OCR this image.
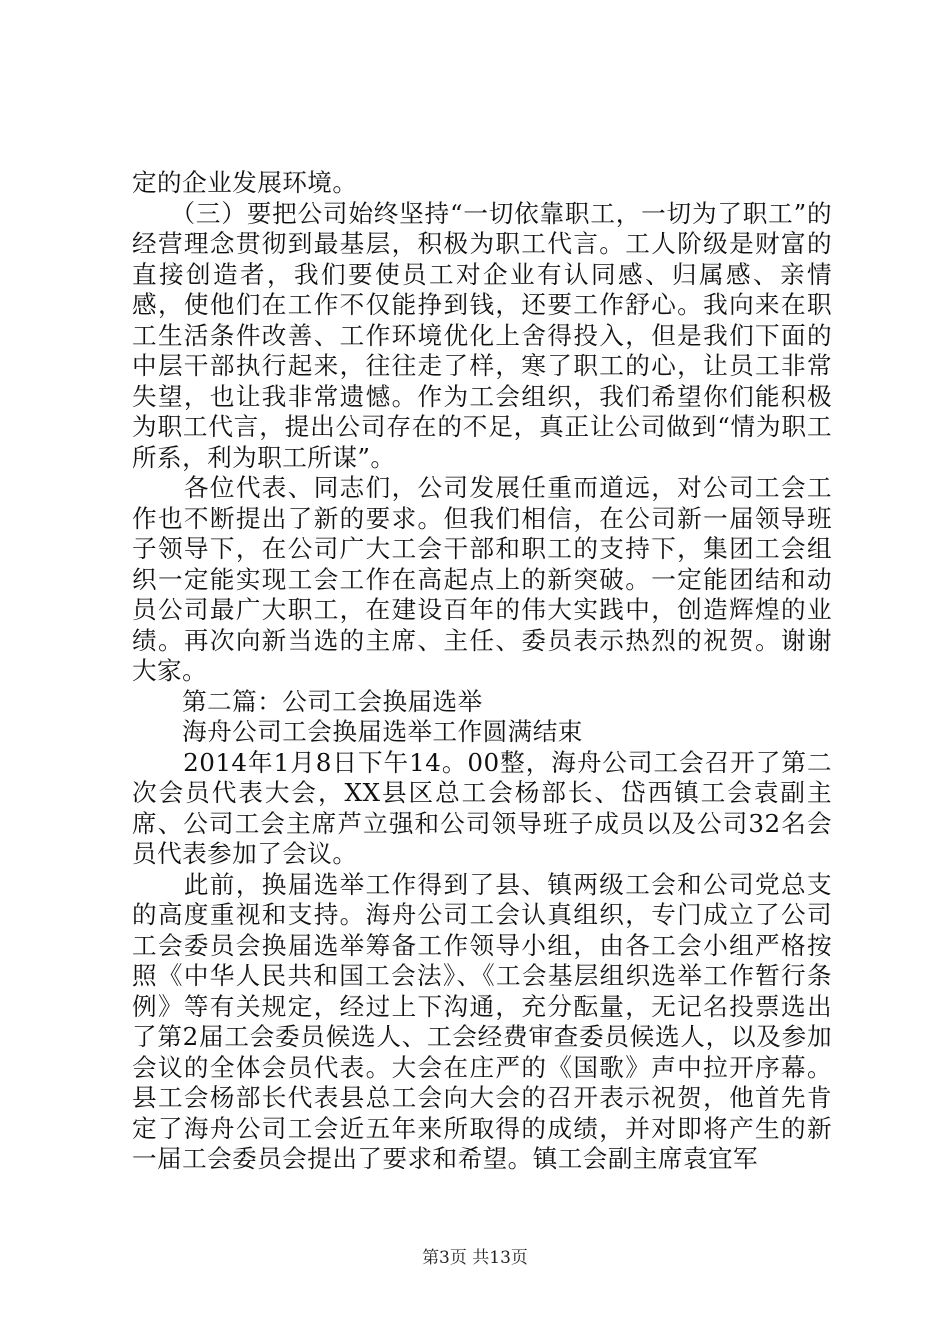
定的企业发展环境。

　　（三）要把公司始终坚持“一切依靠职工，一切为了职工”的经营理念贯彻到最基层，积极为职工代言。工人阶级是财富的直接创造者，我们要使员工对企业有认同感、归属感、亲情感，使他们在工作不仅能挣到钱，还要工作舒心。我向来在职工生活条件改善、工作环境优化上舍得投入，但是我们下面的中层干部执行起来，往往走了样，寒了职工的心，让员工非常失望，也让我非常遗憾。作为工会组织，我们希望你们能积极为职工代言，提出公司存在的不足，真正让公司做到“情为职工所系，利为职工所谋”。

　　各位代表、同志们，公司发展任重而道远，对公司工会工作也不断提出了新的要求。但我们相信，在公司新一届领导班子领导下，在公司广大工会干部和职工的支持下，集团工会组织一定能实现工会工作在高起点上的新突破。一定能团结和动员公司最广大职工，在建设百年的伟大实践中，创造辉煌的业绩。再次向新当选的主席、主任、委员表示热烈的祝贺。谢谢大家。

　　第二篇：公司工会换届选举

　　海舟公司工会换届选举工作圆满结束

　　2014年1月8日下午14。00整，海舟公司工会召开了第二次会员代表大会，XX县区总工会杨部长、岱西镇工会袁副主席、公司工会主席芦立强和公司领导班子成员以及公司32名会员代表参加了会议。

　　此前，换届选举工作得到了县、镇两级工会和公司党总支的高度重视和支持。海舟公司工会认真组织，专门成立了公司工会委员会换届选举筹备工作领导小组，由各工会小组严格按照《中华人民共和国工会法》、《工会基层组织选举工作暂行条例》等有关规定，经过上下沟通，充分酝量，无记名投票选出了第2届工会委员候选人、工会经费审查委员候选人，以及参加会议的全体会员代表。大会在庄严的《国歌》声中拉开序幕。县工会杨部长代表县总工会向大会的召开表示祝贺，他首先肯定了海舟公司工会近五年来所取得的成绩，并对即将产生的新一届工会委员会提出了要求和希望。镇工会副主席袁宜军

第3页 共13页
